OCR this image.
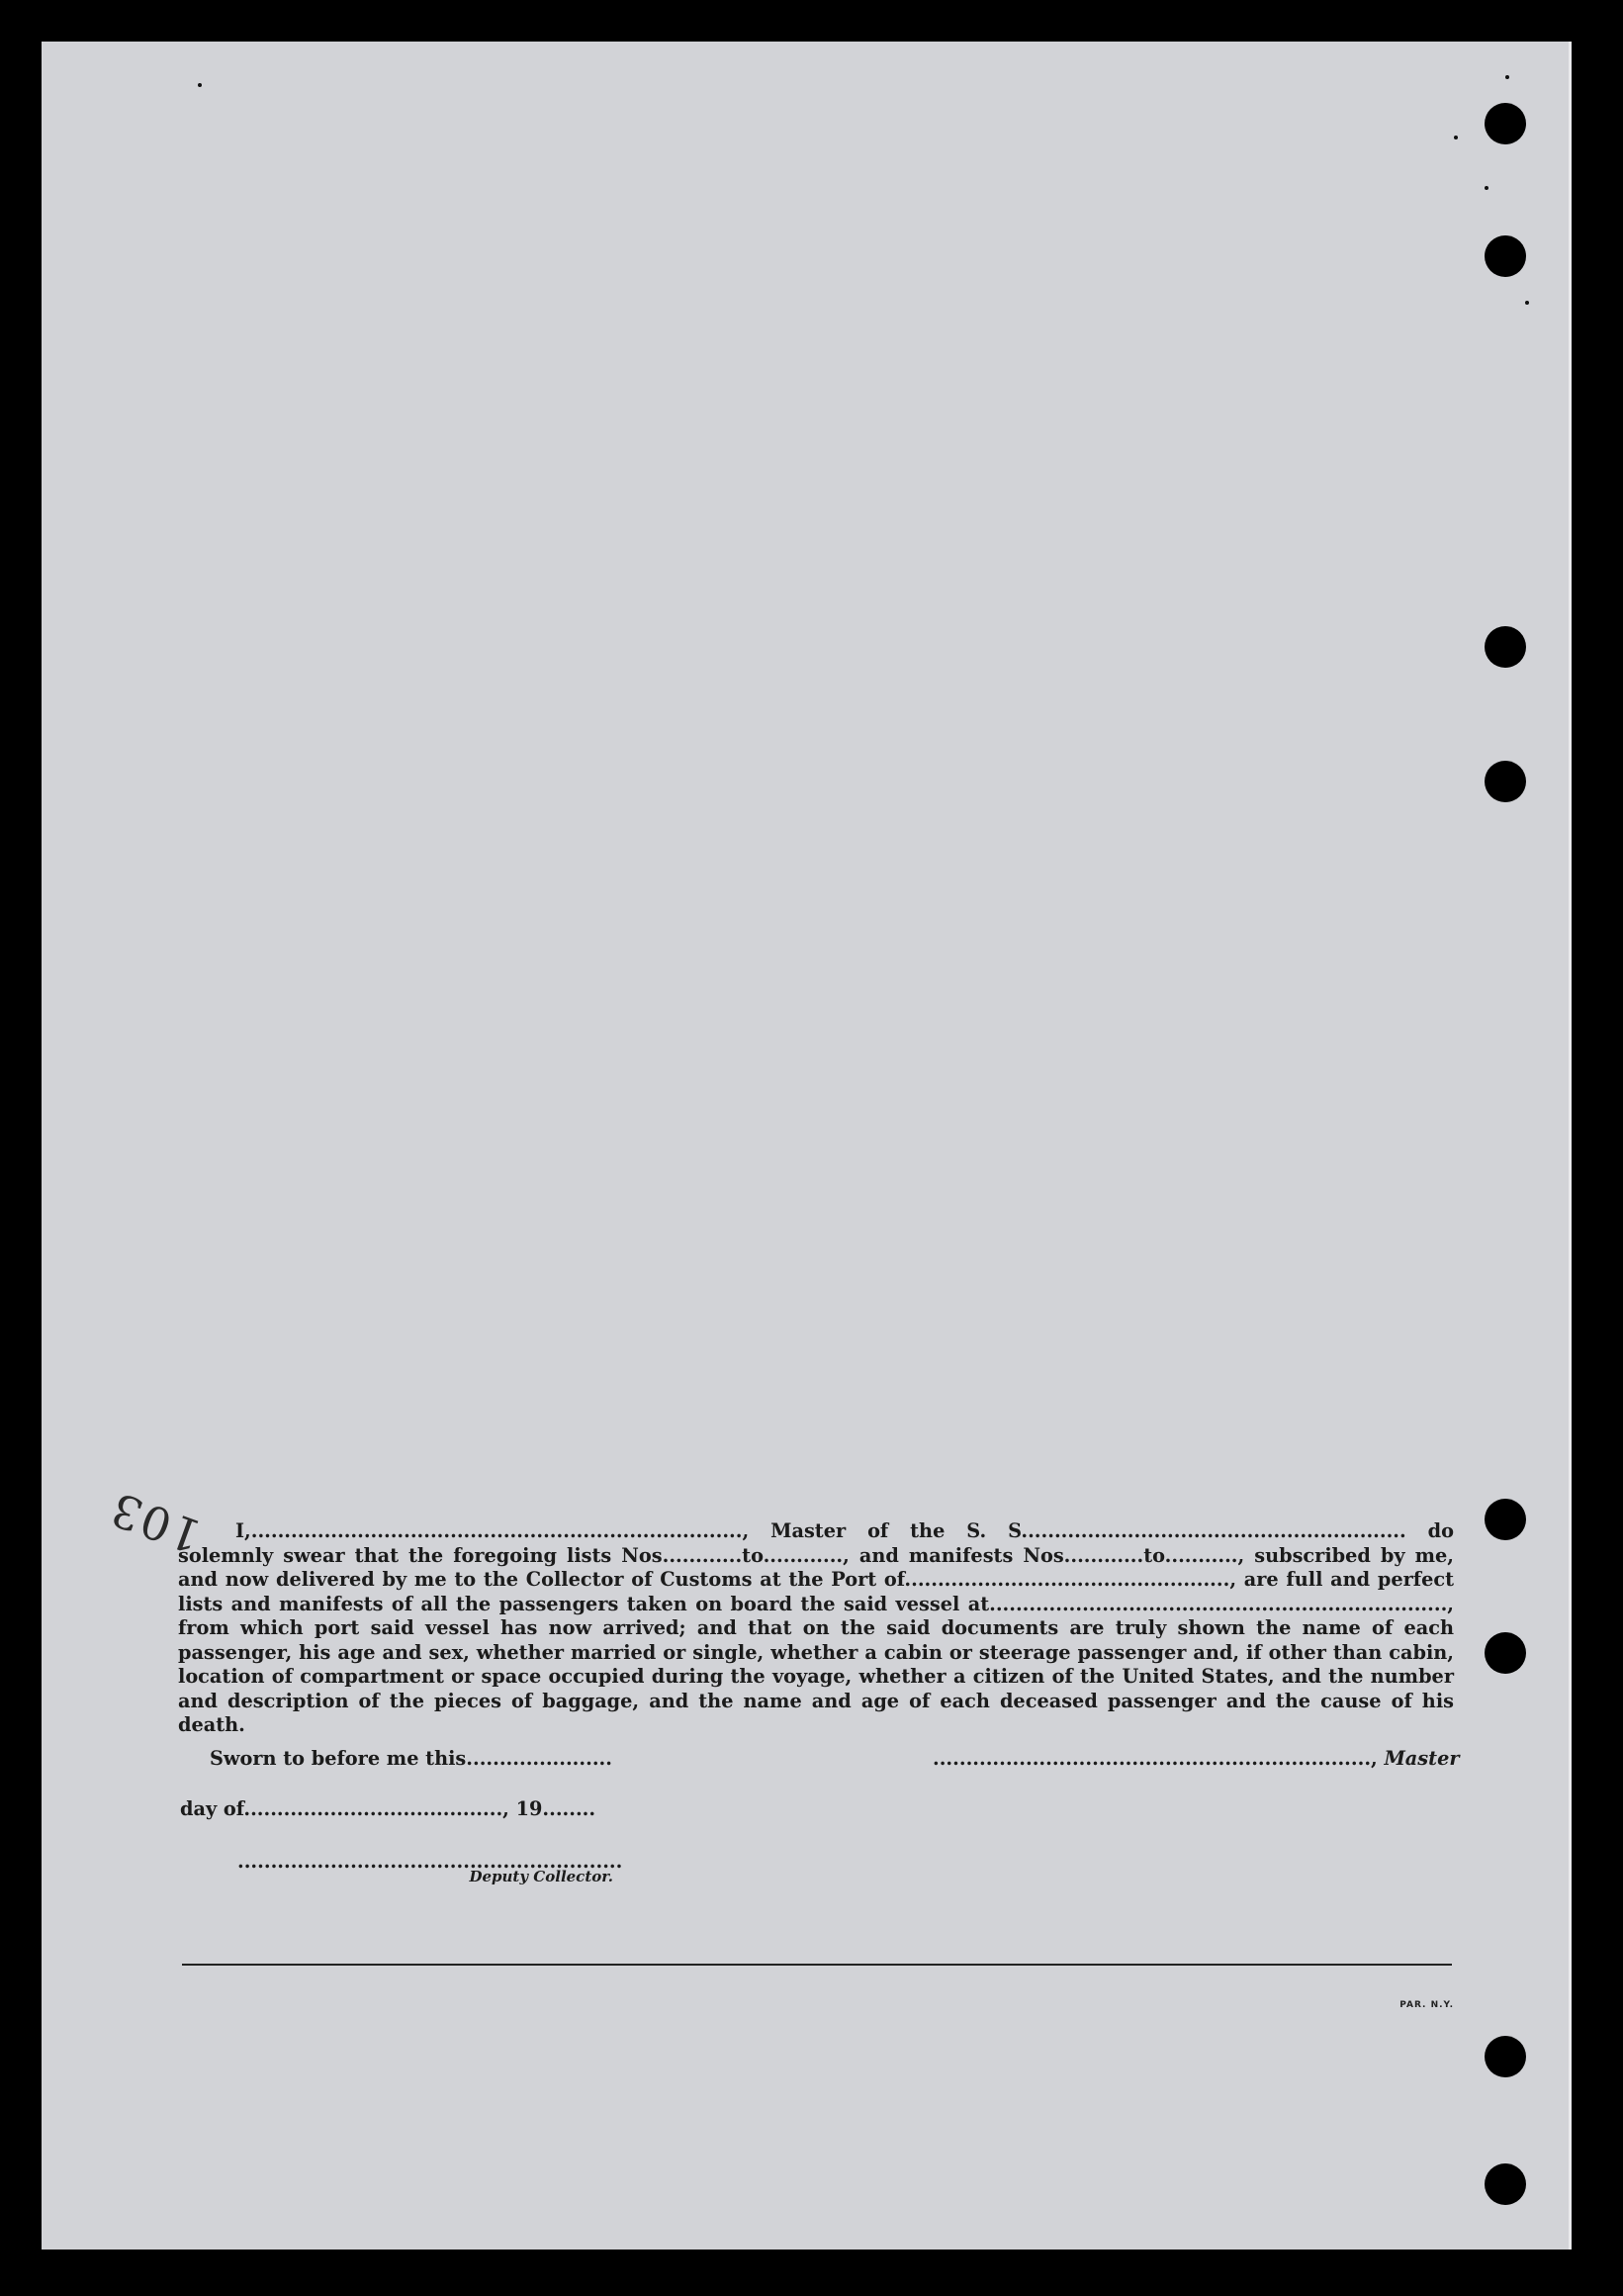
103	I,.........................................................................., Master of the S. S.......................................................... do solemnly swear that the foregoing lists Nos............to............, and manifests Nos............to..........., subscribed by me, and now delivered by me to the Collector of Customs at the Port of................................................., are full and perfect lists and manifests of all the passengers taken on board the said vessel at....................................................................., from which port said vessel has now arrived; and that on the said documents are truly shown the name of each passenger, his age and sex, whether married or single, whether a cabin or steerage passenger and, if other than cabin, location of compartment or space occupied during the voyage, whether a citizen of the United States, and the number and description of the pieces of baggage, and the name and age of each deceased passenger and the cause of his death.

Sworn to before me this......................	.................................................................., Master
day of......................................., 19........
..........................................................
Deputy Collector.
PAR. N.Y.
